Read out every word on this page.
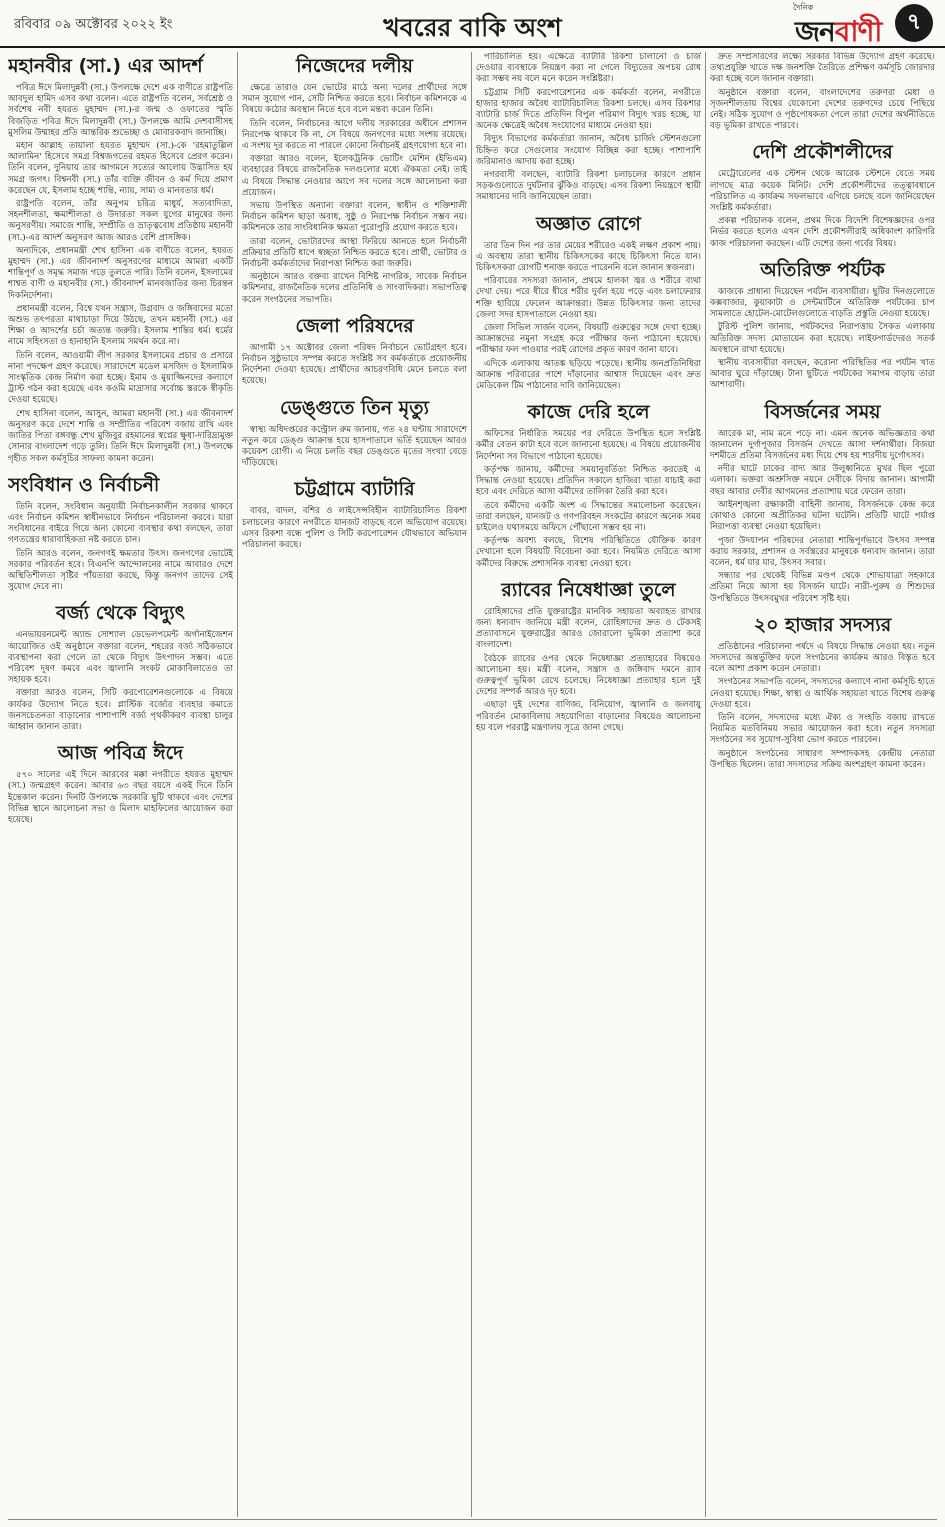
রবিবার ০৯ অক্টোবর ২০২২ ইং	খবরের বাকি অংশ
দৈনিক
জনবাণী	৭
মহানবীর (সা.) এর আদর্শ

পবিত্র ঈদে মিলাদুন্নবী (সা.) উপলক্ষে দেশে এক বাণীতে রাষ্ট্রপতি আবদুল হামিদ এসব কথা বলেন। এতে রাষ্ট্রপতি বলেন, সর্বশ্রেষ্ঠ ও সর্বশেষ নবী হযরত মুহাম্মদ (সা.)-র জন্ম ও ওফাতের স্মৃতি বিজড়িত পবিত্র ঈদে মিলাদুন্নবী (সা.) উপলক্ষে আমি দেশবাসীসহ মুসলিম উম্মাহর প্রতি আন্তরিক শুভেচ্ছা ও মোবারকবাদ জানাচ্ছি।

মহান আল্লাহ তায়ালা হযরত মুহাম্মদ (সা.)-কে 'রহমাতুল্লিল আলামিন' হিসেবে সমগ্র বিশ্বজগতের রহমত হিসেবে প্রেরণ করেন। তিনি বলেন, দুনিয়ায় তার আগমনে সত্যের আলোয় উদ্ভাসিত হয় সমগ্র জগৎ। বিশ্বনবী (সা.) তাঁর ব্যক্তি জীবন ও কর্ম দিয়ে প্রমাণ করেছেন যে, ইসলাম হচ্ছে শান্তি, ন্যায়, সাম্য ও মানবতার ধর্ম।

রাষ্ট্রপতি বলেন, তাঁর অনুপম চরিত্র মাধুর্য, সত্যবাদিতা, সহনশীলতা, ক্ষমাশীলতা ও উদারতা সকল যুগের মানুষের জন্য অনুসরণীয়। সমাজে শান্তি, সম্প্রীতি ও ভ্রাতৃত্ববোধ প্রতিষ্ঠায় মহানবী (সা.)-এর আদর্শ অনুসরণ আজ আরও বেশি প্রাসঙ্গিক।

অন্যদিকে, প্রধানমন্ত্রী শেখ হাসিনা এক বাণীতে বলেন, হযরত মুহাম্মদ (সা.) এর জীবনাদর্শ অনুসরণের মাধ্যমে আমরা একটি শান্তিপূর্ণ ও সমৃদ্ধ সমাজ গড়ে তুলতে পারি। তিনি বলেন, ইসলামের শাশ্বত বাণী ও মহানবীর (সা.) জীবনাদর্শ মানবজাতির জন্য চিরন্তন দিকনির্দেশনা।

প্রধানমন্ত্রী বলেন, বিশ্বে যখন সন্ত্রাস, উগ্রবাদ ও জঙ্গিবাদের মতো অশুভ তৎপরতা মাথাচাড়া দিয়ে উঠছে, তখন মহানবী (সা.) এর শিক্ষা ও আদর্শের চর্চা অত্যন্ত জরুরি। ইসলাম শান্তির ধর্ম। ধর্মের নামে সহিংসতা ও হানাহানি ইসলাম সমর্থন করে না।

তিনি বলেন, আওয়ামী লীগ সরকার ইসলামের প্রচার ও প্রসারে নানা পদক্ষেপ গ্রহণ করেছে। সারাদেশে মডেল মসজিদ ও ইসলামিক সাংস্কৃতিক কেন্দ্র নির্মাণ করা হচ্ছে। ইমাম ও মুয়াজ্জিনদের কল্যাণে ট্রাস্ট গঠন করা হয়েছে এবং কওমি মাদ্রাসার সর্বোচ্চ স্তরকে স্বীকৃতি দেওয়া হয়েছে।

শেখ হাসিনা বলেন, আসুন, আমরা মহানবী (সা.) এর জীবনাদর্শ অনুসরণ করে দেশে শান্তি ও সম্প্রীতির পরিবেশ বজায় রাখি এবং জাতির পিতা বঙ্গবন্ধু শেখ মুজিবুর রহমানের স্বপ্নের ক্ষুধা-দারিদ্র্যমুক্ত সোনার বাংলাদেশ গড়ে তুলি। তিনি ঈদে মিলাদুন্নবী (সা.) উপলক্ষে গৃহীত সকল কর্মসূচির সাফল্য কামনা করেন।

সংবিধান ও নির্বাচনী

তিনি বলেন, সংবিধান অনুযায়ী নির্বাচনকালীন সরকার থাকবে এবং নির্বাচন কমিশন স্বাধীনভাবে নির্বাচন পরিচালনা করবে। যারা সংবিধানের বাইরে গিয়ে অন্য কোনো ব্যবস্থার কথা বলছেন, তারা গণতন্ত্রের ধারাবাহিকতা নষ্ট করতে চান।

তিনি আরও বলেন, জনগণই ক্ষমতার উৎস। জনগণের ভোটেই সরকার পরিবর্তন হবে। বিএনপি আন্দোলনের নামে আবারও দেশে অস্থিতিশীলতা সৃষ্টির পাঁয়তারা করছে, কিন্তু জনগণ তাদের সেই সুযোগ দেবে না।

বর্জ্য থেকে বিদ্যুৎ

এনভায়রনমেন্ট অ্যান্ড সোশ্যাল ডেভেলপমেন্ট অর্গানাইজেশন আয়োজিত ওই অনুষ্ঠানে বক্তারা বলেন, শহরের বর্জ্য সঠিকভাবে ব্যবস্থাপনা করা গেলে তা থেকে বিদ্যুৎ উৎপাদন সম্ভব। এতে পরিবেশ দূষণ কমবে এবং জ্বালানি সংকট মোকাবিলাতেও তা সহায়ক হবে।

বক্তারা আরও বলেন, সিটি করপোরেশনগুলোকে এ বিষয়ে কার্যকর উদ্যোগ নিতে হবে। প্লাস্টিক বর্জ্যের ব্যবহার কমাতে জনসচেতনতা বাড়ানোর পাশাপাশি বর্জ্য পৃথকীকরণ ব্যবস্থা চালুর আহ্বান জানান তারা।

আজ পবিত্র ঈদে

৫৭০ সালের এই দিনে আরবের মক্কা নগরীতে হযরত মুহাম্মদ (সা.) জন্মগ্রহণ করেন। আবার ৬৩ বছর বয়সে একই দিনে তিনি ইন্তেকাল করেন। দিনটি উপলক্ষে সরকারি ছুটি থাকবে এবং দেশের বিভিন্ন স্থানে আলোচনা সভা ও মিলাদ মাহফিলের আয়োজন করা হয়েছে।

নিজেদের দলীয়

ক্ষেত্রে তারাও যেন ভোটের মাঠে অন্য দলের প্রার্থীদের সঙ্গে সমান সুযোগ পান, সেটি নিশ্চিত করতে হবে। নির্বাচন কমিশনকে এ বিষয়ে কঠোর অবস্থান নিতে হবে বলে মন্তব্য করেন তিনি।

তিনি বলেন, নির্বাচনের আগে দলীয় সরকারের অধীনে প্রশাসন নিরপেক্ষ থাকবে কি না, সে বিষয়ে জনগণের মধ্যে সংশয় রয়েছে। এ সংশয় দূর করতে না পারলে কোনো নির্বাচনই গ্রহণযোগ্য হবে না।

বক্তারা আরও বলেন, ইলেকট্রনিক ভোটিং মেশিন (ইভিএম) ব্যবহারের বিষয়ে রাজনৈতিক দলগুলোর মধ্যে ঐকমত্য নেই। তাই এ বিষয়ে সিদ্ধান্ত নেওয়ার আগে সব দলের সঙ্গে আলোচনা করা প্রয়োজন।

সভায় উপস্থিত অন্যান্য বক্তারা বলেন, স্বাধীন ও শক্তিশালী নির্বাচন কমিশন ছাড়া অবাধ, সুষ্ঠু ও নিরপেক্ষ নির্বাচন সম্ভব নয়। কমিশনকে তার সাংবিধানিক ক্ষমতা পুরোপুরি প্রয়োগ করতে হবে।

তারা বলেন, ভোটারদের আস্থা ফিরিয়ে আনতে হলে নির্বাচনী প্রক্রিয়ার প্রতিটি ধাপে স্বচ্ছতা নিশ্চিত করতে হবে। প্রার্থী, ভোটার ও নির্বাচনী কর্মকর্তাদের নিরাপত্তা নিশ্চিত করা জরুরি।

অনুষ্ঠানে আরও বক্তব্য রাখেন বিশিষ্ট নাগরিক, সাবেক নির্বাচন কমিশনার, রাজনৈতিক দলের প্রতিনিধি ও সাংবাদিকরা। সভাপতিত্ব করেন সংগঠনের সভাপতি।

জেলা পরিষদের

আগামী ১৭ অক্টোবর জেলা পরিষদ নির্বাচনে ভোটগ্রহণ হবে। নির্বাচন সুষ্ঠুভাবে সম্পন্ন করতে সংশ্লিষ্ট সব কর্মকর্তাকে প্রয়োজনীয় নির্দেশনা দেওয়া হয়েছে। প্রার্থীদের আচরণবিধি মেনে চলতে বলা হয়েছে।

ডেঙ্গুতে তিন মৃত্যু

স্বাস্থ্য অধিদপ্তরের কন্ট্রোল রুম জানায়, গত ২৪ ঘণ্টায় সারাদেশে নতুন করে ডেঙ্গু আক্রান্ত হয়ে হাসপাতালে ভর্তি হয়েছেন আরও কয়েকশ রোগী। এ নিয়ে চলতি বছর ডেঙ্গুতে মৃতের সংখ্যা বেড়ে দাঁড়িয়েছে।

চট্টগ্রামে ব্যাটারি

বাবর, বাদল, বশির ও লাইসেন্সবিহীন ব্যাটারিচালিত রিকশা চলাচলের কারণে নগরীতে যানজট বাড়ছে বলে অভিযোগ রয়েছে। এসব রিকশা বন্ধে পুলিশ ও সিটি করপোরেশন যৌথভাবে অভিযান পরিচালনা করছে।

পারিচালিত হয়। এক্ষেত্রে ব্যাটারি রিকশা চালানো ও চার্জ দেওয়ার ব্যবস্থাকে নিয়ন্ত্রণ করা না গেলে বিদ্যুতের অপচয় রোধ করা সম্ভব নয় বলে মনে করেন সংশ্লিষ্টরা।

চট্টগ্রাম সিটি করপোরেশনের এক কর্মকর্তা বলেন, নগরীতে হাজার হাজার অবৈধ ব্যাটারিচালিত রিকশা চলছে। এসব রিকশার ব্যাটারি চার্জ দিতে প্রতিদিন বিপুল পরিমাণ বিদ্যুৎ খরচ হচ্ছে, যা অনেক ক্ষেত্রেই অবৈধ সংযোগের মাধ্যমে নেওয়া হয়।

বিদ্যুৎ বিভাগের কর্মকর্তারা জানান, অবৈধ চার্জিং স্টেশনগুলো চিহ্নিত করে সেগুলোর সংযোগ বিচ্ছিন্ন করা হচ্ছে। পাশাপাশি জরিমানাও আদায় করা হচ্ছে।

নগরবাসী বলছেন, ব্যাটারি রিকশা চলাচলের কারণে প্রধান সড়কগুলোতে দুর্ঘটনার ঝুঁকিও বাড়ছে। এসব রিকশা নিয়ন্ত্রণে স্থায়ী সমাধানের দাবি জানিয়েছেন তারা।

অজ্ঞাত রোগে

তার তিন দিন পর তার মেয়ের শরীরেও একই লক্ষণ প্রকাশ পায়। এ অবস্থায় তারা স্থানীয় চিকিৎসকের কাছে চিকিৎসা নিতে যান। চিকিৎসকরা রোগটি শনাক্ত করতে পারেননি বলে জানান স্বজনরা।

পরিবারের সদস্যরা জানান, প্রথমে হালকা জ্বর ও শরীরে ব্যথা দেখা দেয়। পরে ধীরে ধীরে শরীর দুর্বল হয়ে পড়ে এবং চলাফেরার শক্তি হারিয়ে ফেলেন আক্রান্তরা। উন্নত চিকিৎসার জন্য তাদের জেলা সদর হাসপাতালে নেওয়া হয়।

জেলা সিভিল সার্জন বলেন, বিষয়টি গুরুত্বের সঙ্গে দেখা হচ্ছে। আক্রান্তদের নমুনা সংগ্রহ করে পরীক্ষার জন্য পাঠানো হয়েছে। পরীক্ষার ফল পাওয়ার পরই রোগের প্রকৃত কারণ জানা যাবে।

এদিকে এলাকায় আতঙ্ক ছড়িয়ে পড়েছে। স্থানীয় জনপ্রতিনিধিরা আক্রান্ত পরিবারের পাশে দাঁড়ানোর আশ্বাস দিয়েছেন এবং দ্রুত মেডিকেল টিম পাঠানোর দাবি জানিয়েছেন।

কাজে দেরি হলে

অফিসের নির্ধারিত সময়ের পর দেরিতে উপস্থিত হলে সংশ্লিষ্ট কর্মীর বেতন কাটা হবে বলে জানানো হয়েছে। এ বিষয়ে প্রয়োজনীয় নির্দেশনা সব বিভাগে পাঠানো হয়েছে।

কর্তৃপক্ষ জানায়, কর্মীদের সময়ানুবর্তিতা নিশ্চিত করতেই এ সিদ্ধান্ত নেওয়া হয়েছে। প্রতিদিন সকালে হাজিরা খাতা যাচাই করা হবে এবং দেরিতে আসা কর্মীদের তালিকা তৈরি করা হবে।

তবে কর্মীদের একটি অংশ এ সিদ্ধান্তের সমালোচনা করেছেন। তারা বলছেন, যানজট ও গণপরিবহন সংকটের কারণে অনেক সময় চাইলেও যথাসময়ে অফিসে পৌঁছানো সম্ভব হয় না।

কর্তৃপক্ষ অবশ্য বলছে, বিশেষ পরিস্থিতিতে যৌক্তিক কারণ দেখানো হলে বিষয়টি বিবেচনা করা হবে। নিয়মিত দেরিতে আসা কর্মীদের বিরুদ্ধে প্রশাসনিক ব্যবস্থা নেওয়া হবে।

র‍্যাবের নিষেধাজ্ঞা তুলে

রোহিঙ্গাদের প্রতি যুক্তরাষ্ট্রের মানবিক সহায়তা অব্যাহত রাখার জন্য ধন্যবাদ জানিয়ে মন্ত্রী বলেন, রোহিঙ্গাদের দ্রুত ও টেকসই প্রত্যাবাসনে যুক্তরাষ্ট্রের আরও জোরালো ভূমিকা প্রত্যাশা করে বাংলাদেশ।

বৈঠকে র‍্যাবের ওপর থেকে নিষেধাজ্ঞা প্রত্যাহারের বিষয়েও আলোচনা হয়। মন্ত্রী বলেন, সন্ত্রাস ও জঙ্গিবাদ দমনে র‍্যাব গুরুত্বপূর্ণ ভূমিকা রেখে চলেছে। নিষেধাজ্ঞা প্রত্যাহার হলে দুই দেশের সম্পর্ক আরও দৃঢ় হবে।

এছাড়া দুই দেশের বাণিজ্য, বিনিয়োগ, জ্বালানি ও জলবায়ু পরিবর্তন মোকাবিলায় সহযোগিতা বাড়ানোর বিষয়েও আলোচনা হয় বলে পররাষ্ট্র মন্ত্রণালয় সূত্রে জানা গেছে।

দ্রুত সম্প্রসারণের লক্ষ্যে সরকার বিভিন্ন উদ্যোগ গ্রহণ করেছে। তথ্যপ্রযুক্তি খাতে দক্ষ জনশক্তি তৈরিতে প্রশিক্ষণ কর্মসূচি জোরদার করা হচ্ছে বলে জানান বক্তারা।

অনুষ্ঠানে বক্তারা বলেন, বাংলাদেশের তরুণরা মেধা ও সৃজনশীলতায় বিশ্বের যেকোনো দেশের তরুণদের চেয়ে পিছিয়ে নেই। সঠিক সুযোগ ও পৃষ্ঠপোষকতা পেলে তারা দেশের অর্থনীতিতে বড় ভূমিকা রাখতে পারবে।

দেশি প্রকৌশলীদের

মেট্রোরেলের এক স্টেশন থেকে আরেক স্টেশনে যেতে সময় লাগছে মাত্র কয়েক মিনিট। দেশি প্রকৌশলীদের তত্ত্বাবধানে পরিচালিত এ কার্যক্রম সফলভাবে এগিয়ে চলছে বলে জানিয়েছেন সংশ্লিষ্ট কর্মকর্তারা।

প্রকল্প পরিচালক বলেন, প্রথম দিকে বিদেশি বিশেষজ্ঞদের ওপর নির্ভর করতে হলেও এখন দেশি প্রকৌশলীরাই অধিকাংশ কারিগরি কাজ পরিচালনা করছেন। এটি দেশের জন্য গর্বের বিষয়।

অতিরিক্ত পর্যটক

কাজকে প্রাধান্য দিয়েছেন পর্যটন ব্যবসায়ীরা। ছুটির দিনগুলোতে কক্সবাজার, কুয়াকাটা ও সেন্টমার্টিনে অতিরিক্ত পর্যটকের চাপ সামলাতে হোটেল-মোটেলগুলোতে বাড়তি প্রস্তুতি নেওয়া হয়েছে।

টুরিস্ট পুলিশ জানায়, পর্যটকদের নিরাপত্তায় সৈকত এলাকায় অতিরিক্ত সদস্য মোতায়েন করা হয়েছে। লাইফগার্ডদেরও সতর্ক অবস্থানে রাখা হয়েছে।

স্থানীয় ব্যবসায়ীরা বলছেন, করোনা পরিস্থিতির পর পর্যটন খাত আবার ঘুরে দাঁড়াচ্ছে। টানা ছুটিতে পর্যটকের সমাগম বাড়ায় তারা আশাবাদী।

বিসর্জনের সময়

আরেক মা, নাম মনে পড়ে না। এমন অনেক অভিজ্ঞতার কথা জানালেন দুর্গাপূজার বিসর্জন দেখতে আসা দর্শনার্থীরা। বিজয়া দশমীতে প্রতিমা বিসর্জনের মধ্য দিয়ে শেষ হয় শারদীয় দুর্গোৎসব।

নদীর ঘাটে ঢাকের বাদ্য আর উলুধ্বনিতে মুখর ছিল পুরো এলাকা। ভক্তরা অশ্রুসিক্ত নয়নে দেবীকে বিদায় জানান। আগামী বছর আবার দেবীর আগমনের প্রত্যাশায় ঘরে ফেরেন তারা।

আইনশৃঙ্খলা রক্ষাকারী বাহিনী জানায়, বিসর্জনকে কেন্দ্র করে কোথাও কোনো অপ্রীতিকর ঘটনা ঘটেনি। প্রতিটি ঘাটে পর্যাপ্ত নিরাপত্তা ব্যবস্থা নেওয়া হয়েছিল।

পূজা উদযাপন পরিষদের নেতারা শান্তিপূর্ণভাবে উৎসব সম্পন্ন করায় সরকার, প্রশাসন ও সর্বস্তরের মানুষকে ধন্যবাদ জানান। তারা বলেন, ধর্ম যার যার, উৎসব সবার।

সন্ধ্যার পর থেকেই বিভিন্ন মণ্ডপ থেকে শোভাযাত্রা সহকারে প্রতিমা নিয়ে আসা হয় বিসর্জন ঘাটে। নারী-পুরুষ ও শিশুদের উপস্থিতিতে উৎসবমুখর পরিবেশ সৃষ্টি হয়।

২০ হাজার সদস্যর

প্রতিষ্ঠানের পরিচালনা পর্ষদে এ বিষয়ে সিদ্ধান্ত নেওয়া হয়। নতুন সদস্যদের অন্তর্ভুক্তির ফলে সংগঠনের কার্যক্রম আরও বিস্তৃত হবে বলে আশা প্রকাশ করেন নেতারা।

সংগঠনের সভাপতি বলেন, সদস্যদের কল্যাণে নানা কর্মসূচি হাতে নেওয়া হয়েছে। শিক্ষা, স্বাস্থ্য ও আর্থিক সহায়তা খাতে বিশেষ গুরুত্ব দেওয়া হবে।

তিনি বলেন, সদস্যদের মধ্যে ঐক্য ও সংহতি বজায় রাখতে নিয়মিত মতবিনিময় সভার আয়োজন করা হবে। নতুন সদস্যরা সংগঠনের সব সুযোগ-সুবিধা ভোগ করতে পারবেন।

অনুষ্ঠানে সংগঠনের সাধারণ সম্পাদকসহ কেন্দ্রীয় নেতারা উপস্থিত ছিলেন। তারা সদস্যদের সক্রিয় অংশগ্রহণ কামনা করেন।
